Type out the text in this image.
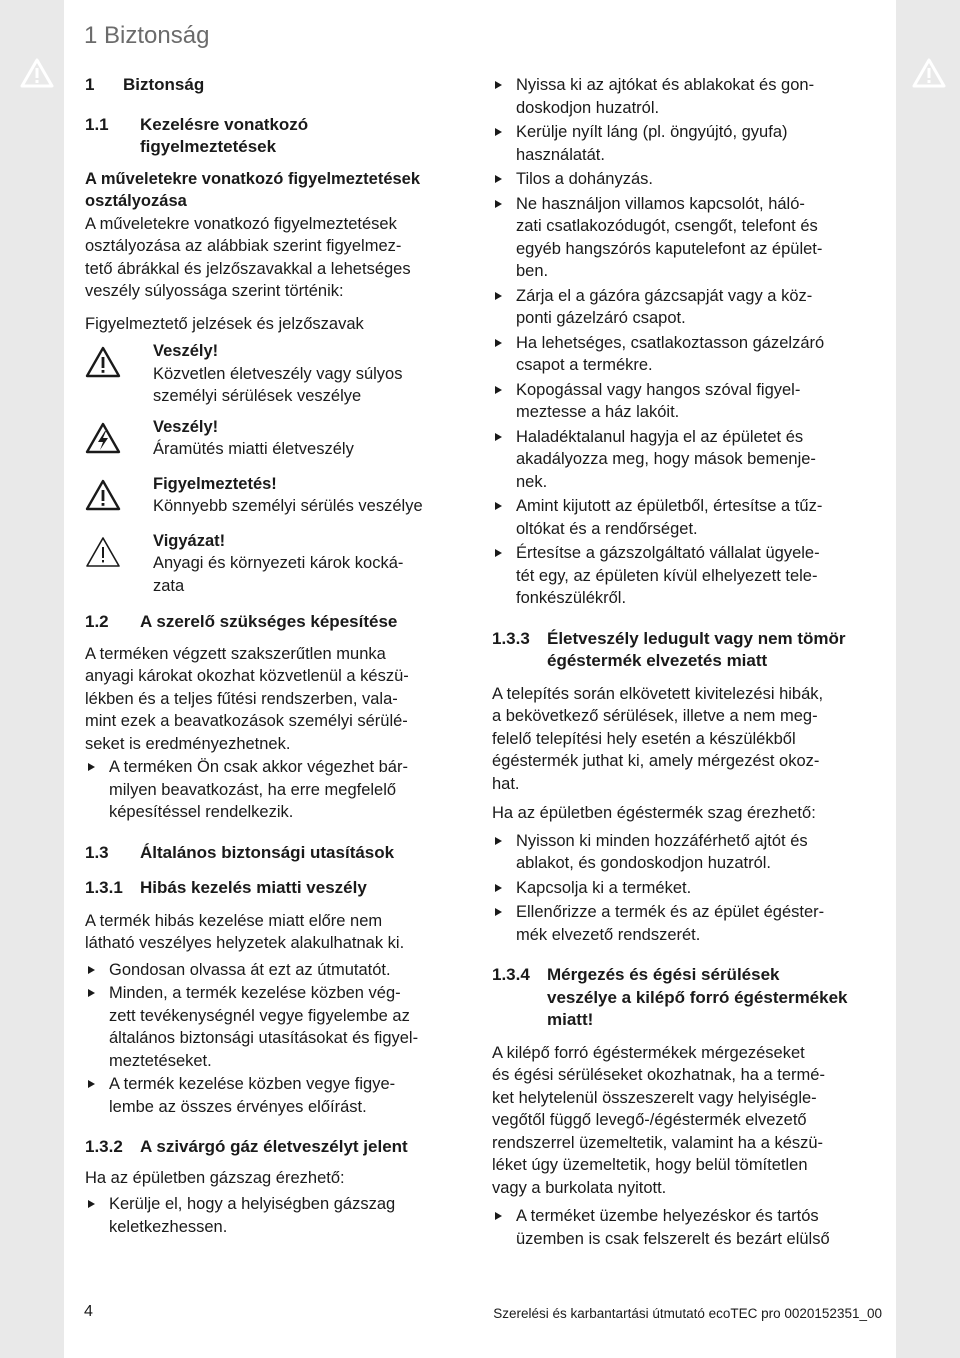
1 Biztonság
1	Biztonság
1.1	Kezelésre vonatkozó
figyelmeztetések

A műveletekre vonatkozó figyelmeztetések
osztályozása

A műveletekre vonatkozó figyelmeztetések
osztályozása az alábbiak szerint figyelmez-
tető ábrákkal és jelzőszavakkal a lehetséges
veszély súlyossága szerint történik:

Figyelmeztető jelzések és jelzőszavak

Veszély!
Közvetlen életveszély vagy súlyos
személyi sérülések veszélye
Veszély!
Áramütés miatti életveszély
Figyelmeztetés!
Könnyebb személyi sérülés veszélye
Vigyázat!
Anyagi és környezeti károk kocká-
zata
1.2	A szerelő szükséges képesítése

A terméken végzett szakszerűtlen munka
anyagi károkat okozhat közvetlenül a készü-
lékben és a teljes fűtési rendszerben, vala-
mint ezek a beavatkozások személyi sérülé-
seket is eredményezhetnek.

A terméken Ön csak akkor végezhet bár-
milyen beavatkozást, ha erre megfelelő
képesítéssel rendelkezik.
1.3	Általános biztonsági utasítások
1.3.1	Hibás kezelés miatti veszély

A termék hibás kezelése miatt előre nem
látható veszélyes helyzetek alakulhatnak ki.

Gondosan olvassa át ezt az útmutatót.
Minden, a termék kezelése közben vég-
zett tevékenységnél vegye figyelembe az
általános biztonsági utasításokat és figyel-
meztetéseket.
A termék kezelése közben vegye figye-
lembe az összes érvényes előírást.
1.3.2	A szivárgó gáz életveszélyt jelent

Ha az épületben gázszag érezhető:

Kerülje el, hogy a helyiségben gázszag
keletkezhessen.
Nyissa ki az ajtókat és ablakokat és gon-
doskodjon huzatról.
Kerülje nyílt láng (pl. öngyújtó, gyufa)
használatát.
Tilos a dohányzás.
Ne használjon villamos kapcsolót, háló-
zati csatlakozódugót, csengőt, telefont és
egyéb hangszórós kaputelefont az épület-
ben.
Zárja el a gázóra gázcsapját vagy a köz-
ponti gázelzáró csapot.
Ha lehetséges, csatlakoztasson gázelzáró
csapot a termékre.
Kopogással vagy hangos szóval figyel-
meztesse a ház lakóit.
Haladéktalanul hagyja el az épületet és
akadályozza meg, hogy mások bemenje-
nek.
Amint kijutott az épületből, értesítse a tűz-
oltókat és a rendőrséget.
Értesítse a gázszolgáltató vállalat ügyele-
tét egy, az épületen kívül elhelyezett tele-
fonkészülékről.
1.3.3	Életveszély ledugult vagy nem tömör
égéstermék elvezetés miatt

A telepítés során elkövetett kivitelezési hibák,
a bekövetkező sérülések, illetve a nem meg-
felelő telepítési hely esetén a készülékből
égéstermék juthat ki, amely mérgezést okoz-
hat.

Ha az épületben égéstermék szag érezhető:

Nyisson ki minden hozzáférhető ajtót és
ablakot, és gondoskodjon huzatról.
Kapcsolja ki a terméket.
Ellenőrizze a termék és az épület égéster-
mék elvezető rendszerét.
1.3.4	Mérgezés és égési sérülések
veszélye a kilépő forró égéstermékek
miatt!

A kilépő forró égéstermékek mérgezéseket
és égési sérüléseket okozhatnak, ha a termé-
ket helytelenül összeszerelt vagy helyiségle-
vegőtől függő levegő-/égéstermék elvezető
rendszerrel üzemeltetik, valamint ha a készü-
léket úgy üzemeltetik, hogy belül tömítetlen
vagy a burkolata nyitott.

A terméket üzembe helyezéskor és tartós
üzemben is csak felszerelt és bezárt elülső
4	Szerelési és karbantartási útmutató ecoTEC pro 0020152351_00
